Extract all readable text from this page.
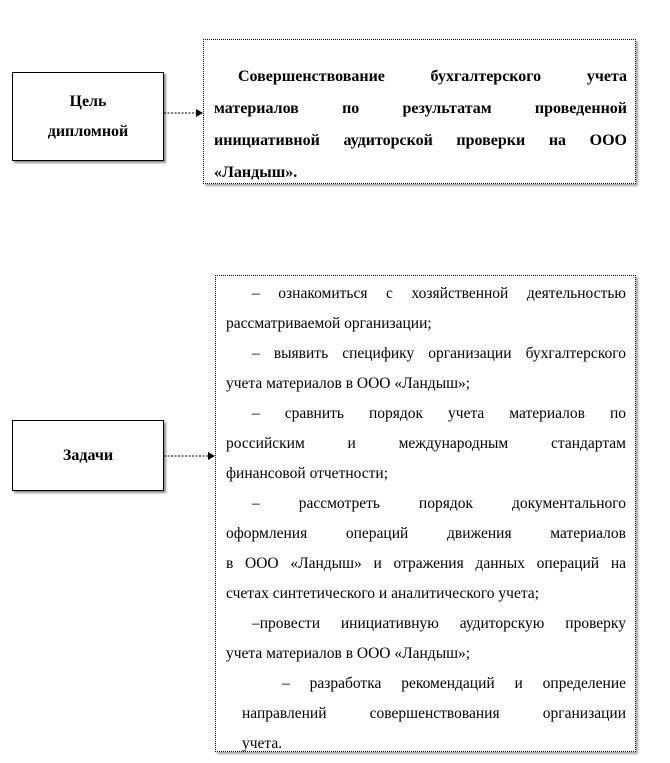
Цель
дипломной
Совершенствование бухгалтерского учета
материалов по результатам проведенной
инициативной аудиторской проверки на ООО
«Ландыш».
Задачи
– ознакомиться с хозяйственной деятельностью
рассматриваемой организации;
– выявить специфику организации бухгалтерского
учета материалов в ООО «Ландыш»;
– сравнить порядок учета материалов по
российским и международным стандартам
финансовой отчетности;
– рассмотреть порядок документального
оформления операций движения материалов
в ООО «Ландыш» и отражения данных операций на
счетах синтетического и аналитического учета;
–провести инициативную аудиторскую проверку
учета материалов в ООО «Ландыш»;
– разработка рекомендаций и определение
направлений совершенствования организации
учета.
